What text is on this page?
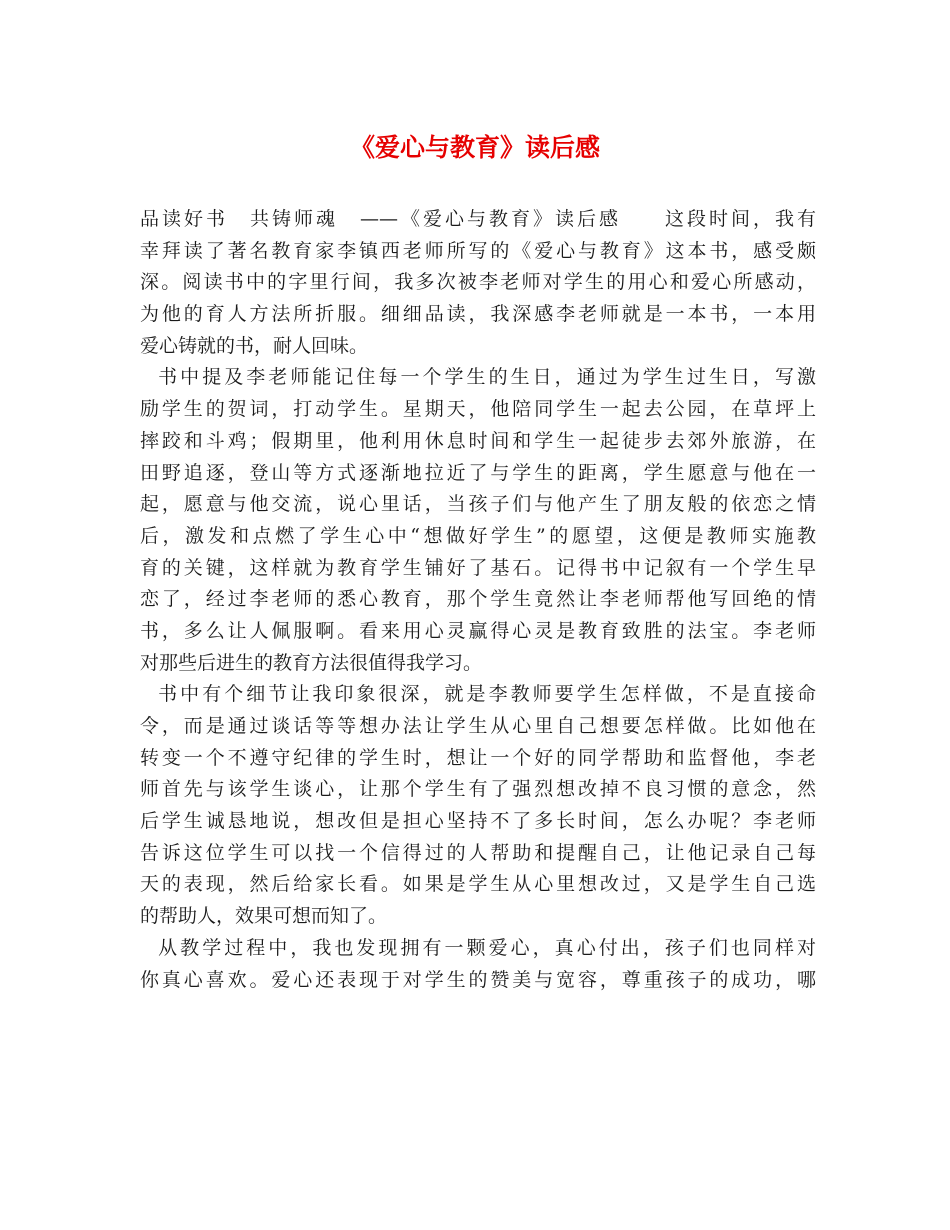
《爱心与教育》读后感
品读好书　共铸师魂　——《爱心与教育》读后感　　这段时间，我有
幸拜读了著名教育家李镇西老师所写的《爱心与教育》这本书，感受颇
深。阅读书中的字里行间，我多次被李老师对学生的用心和爱心所感动，
为他的育人方法所折服。细细品读，我深感李老师就是一本书，一本用
爱心铸就的书，耐人回味。
书中提及李老师能记住每一个学生的生日，通过为学生过生日，写激
励学生的贺词，打动学生。星期天，他陪同学生一起去公园，在草坪上
摔跤和斗鸡；假期里，他利用休息时间和学生一起徒步去郊外旅游，在
田野追逐，登山等方式逐渐地拉近了与学生的距离，学生愿意与他在一
起，愿意与他交流，说心里话，当孩子们与他产生了朋友般的依恋之情
后，激发和点燃了学生心中“想做好学生”的愿望，这便是教师实施教
育的关键，这样就为教育学生铺好了基石。记得书中记叙有一个学生早
恋了，经过李老师的悉心教育，那个学生竟然让李老师帮他写回绝的情
书，多么让人佩服啊。看来用心灵赢得心灵是教育致胜的法宝。李老师
对那些后进生的教育方法很值得我学习。
书中有个细节让我印象很深，就是李教师要学生怎样做，不是直接命
令，而是通过谈话等等想办法让学生从心里自己想要怎样做。比如他在
转变一个不遵守纪律的学生时，想让一个好的同学帮助和监督他，李老
师首先与该学生谈心，让那个学生有了强烈想改掉不良习惯的意念，然
后学生诚恳地说，想改但是担心坚持不了多长时间，怎么办呢？李老师
告诉这位学生可以找一个信得过的人帮助和提醒自己，让他记录自己每
天的表现，然后给家长看。如果是学生从心里想改过，又是学生自己选
的帮助人，效果可想而知了。
从教学过程中，我也发现拥有一颗爱心，真心付出，孩子们也同样对
你真心喜欢。爱心还表现于对学生的赞美与宽容，尊重孩子的成功，哪
